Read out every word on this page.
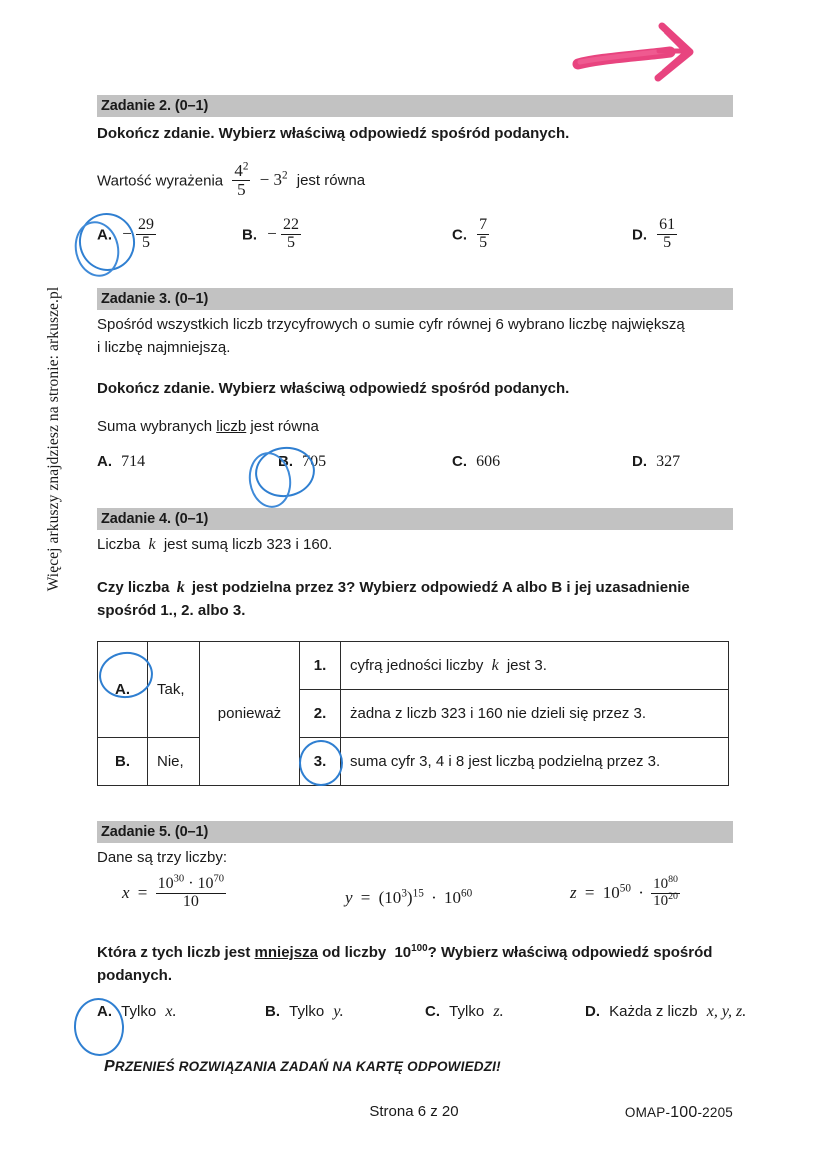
Więcej arkuszy znajdziesz na stronie: arkusze.pl
Zadanie 2. (0–1)
Dokończ zdanie. Wybierz właściwą odpowiedź spośród podanych.
Wartość wyrażenia $\frac{4^2}{5} - 3^2$ jest równa
A. − $\frac{29}{5}$	B. − $\frac{22}{5}$	C. $\frac{7}{5}$	D. $\frac{61}{5}$
Zadanie 3. (0–1)
Spośród wszystkich liczb trzycyfrowych o sumie cyfr równej 6 wybrano liczbę największą
i liczbę najmniejszą.
Dokończ zdanie. Wybierz właściwą odpowiedź spośród podanych.
Suma wybranych liczb jest równa
A. 714	B. 705	C. 606	D. 327
Zadanie 4. (0–1)
Liczba k jest sumą liczb 323 i 160.
Czy liczba k jest podzielna przez 3? Wybierz odpowiedź A albo B i jej uzasadnienie
spośród 1., 2. albo 3.
A.	Tak,	ponieważ	1.	cyfrą jedności liczby k jest 3.
			2.	żadna z liczb 323 i 160 nie dzieli się przez 3.
B.	Nie,		3.	suma cyfr 3, 4 i 8 jest liczbą podzielną przez 3.

Zadanie 5. (0–1)
Dane są trzy liczby:
$x = \frac{10^{30} \cdot 10^{70}}{10}$	$y = (10^3)^{15} \cdot 10^{60}$	$z = 10^{50} \cdot \frac{10^{80}}{10^{20}}$
Która z tych liczb jest mniejsza od liczby $10^{100}$? Wybierz właściwą odpowiedź spośród
podanych.
A. Tylko x.	B. Tylko y.	C. Tylko z.	D. Każda z liczb x, y, z.
PRZENIEŚ ROZWIĄZANIA ZADAŃ NA KARTĘ ODPOWIEDZI!
Strona 6 z 20	OMAP-100-2205
